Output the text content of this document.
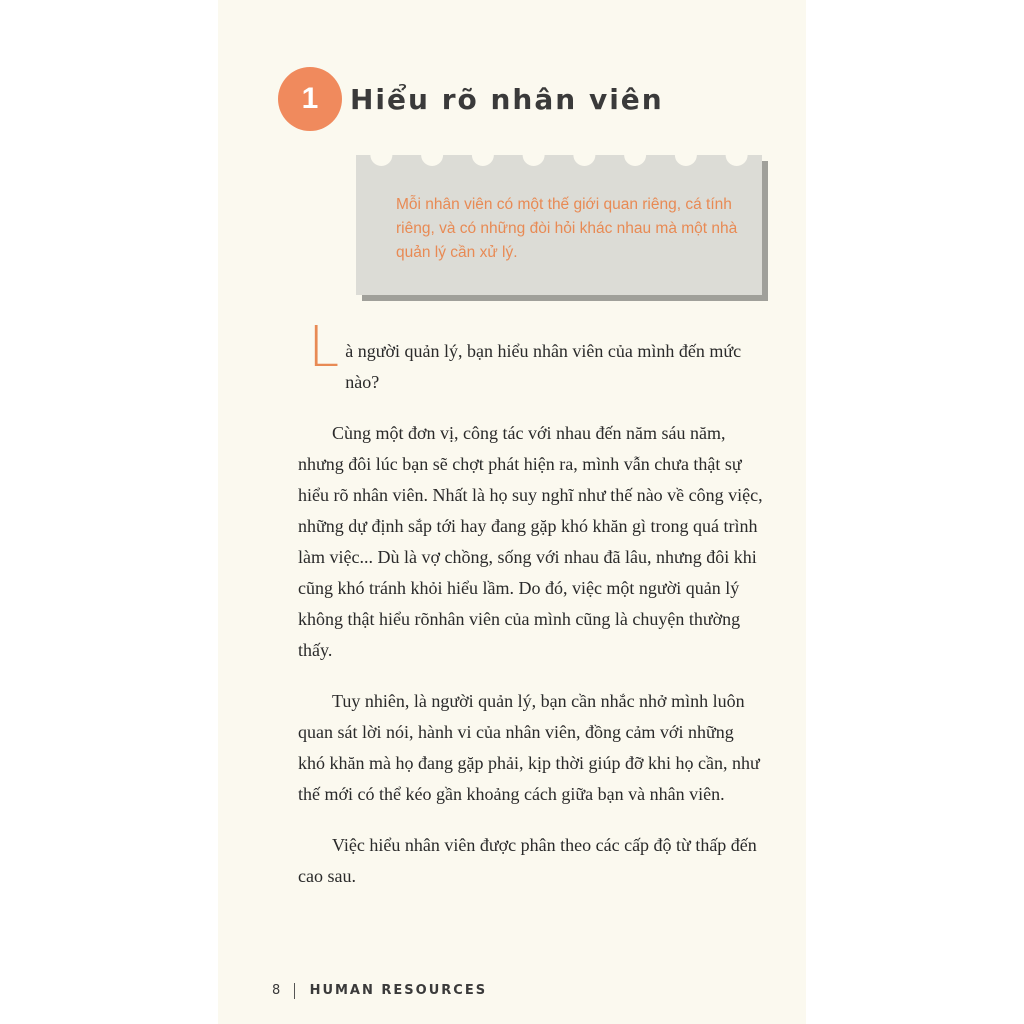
1 Hiểu rõ nhân viên
Mỗi nhân viên có một thế giới quan riêng, cá tính riêng, và có những đòi hỏi khác nhau mà một nhà quản lý cần xử lý.

L à người quản lý, bạn hiểu nhân viên của mình đến mức nào?

Cùng một đơn vị, công tác với nhau đến năm sáu năm, nhưng đôi lúc bạn sẽ chợt phát hiện ra, mình vẫn chưa thật sự hiểu rõ nhân viên. Nhất là họ suy nghĩ như thế nào về công việc, những dự định sắp tới hay đang gặp khó khăn gì trong quá trình làm việc... Dù là vợ chồng, sống với nhau đã lâu, nhưng đôi khi cũng khó tránh khỏi hiểu lầm. Do đó, việc một người quản lý không thật hiểu rõnhân viên của mình cũng là chuyện thường thấy.

Tuy nhiên, là người quản lý, bạn cần nhắc nhở mình luôn quan sát lời nói, hành vi của nhân viên, đồng cảm với những khó khăn mà họ đang gặp phải, kịp thời giúp đỡ khi họ cần, như thế mới có thể kéo gần khoảng cách giữa bạn và nhân viên.

Việc hiểu nhân viên được phân theo các cấp độ từ thấp đến cao sau.

8 HUMAN RESOURCES
